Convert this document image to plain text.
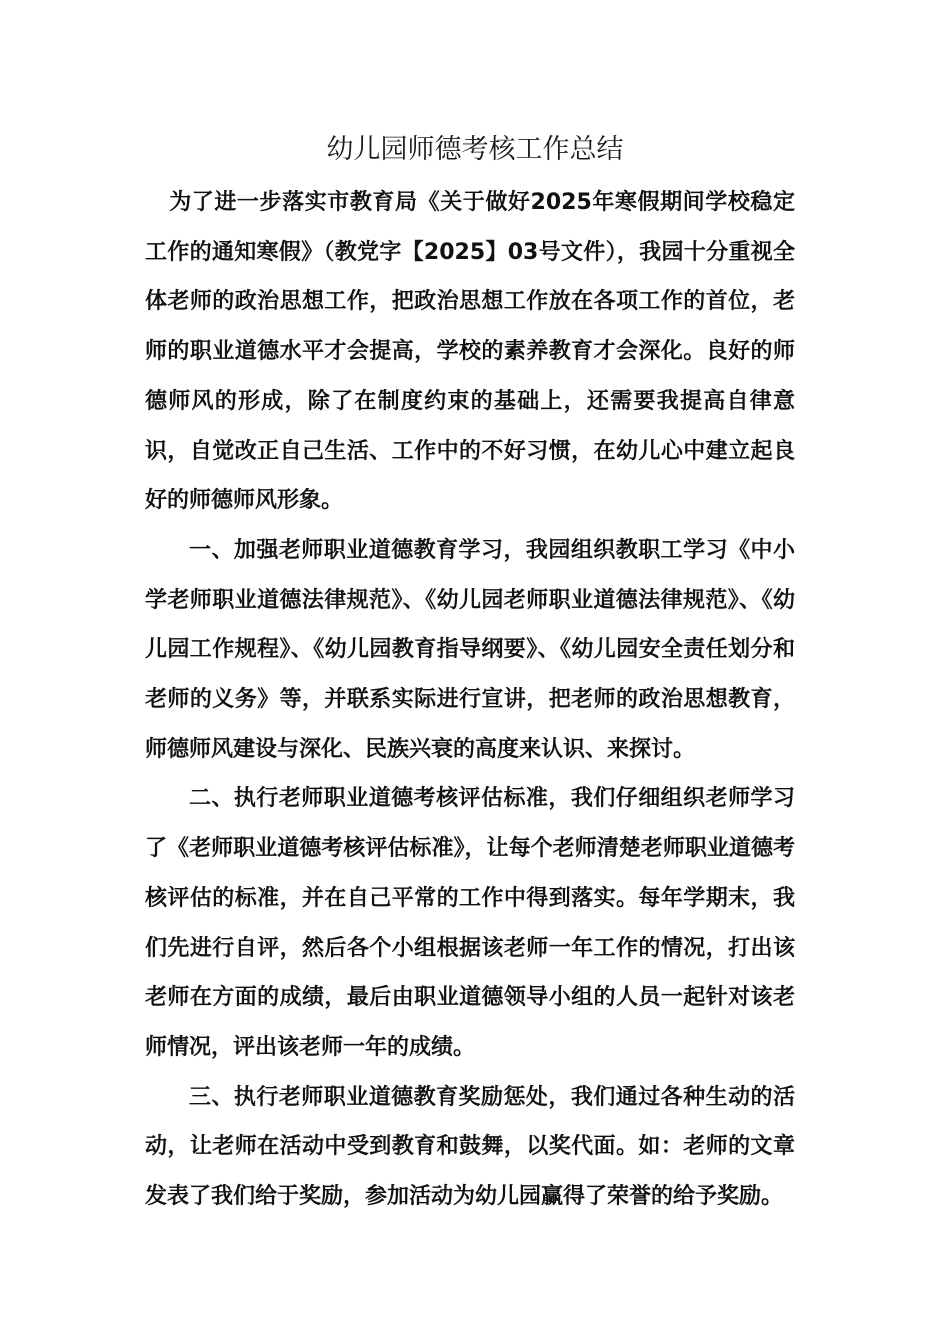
幼儿园师德考核工作总结

为了进一步落实市教育局《关于做好2025年寒假期间学校稳定工作的通知寒假》（教党字【2025】03号文件），我园十分重视全体老师的政治思想工作，把政治思想工作放在各项工作的首位，老师的职业道德水平才会提高，学校的素养教育才会深化。良好的师德师风的形成，除了在制度约束的基础上，还需要我提高自律意识，自觉改正自己生活、工作中的不好习惯，在幼儿心中建立起良好的师德师风形象。

一、加强老师职业道德教育学习，我园组织教职工学习《中小学老师职业道德法律规范》、《幼儿园老师职业道德法律规范》、《幼儿园工作规程》、《幼儿园教育指导纲要》、《幼儿园安全责任划分和老师的义务》等，并联系实际进行宣讲，把老师的政治思想教育，师德师风建设与深化、民族兴衰的高度来认识、来探讨。

二、执行老师职业道德考核评估标准，我们仔细组织老师学习了《老师职业道德考核评估标准》，让每个老师清楚老师职业道德考核评估的标准，并在自己平常的工作中得到落实。每年学期末，我们先进行自评，然后各个小组根据该老师一年工作的情况，打出该老师在方面的成绩，最后由职业道德领导小组的人员一起针对该老师情况，评出该老师一年的成绩。

三、执行老师职业道德教育奖励惩处，我们通过各种生动的活动，让老师在活动中受到教育和鼓舞，以奖代面。如：老师的文章发表了我们给于奖励，参加活动为幼儿园赢得了荣誉的给予奖励。
